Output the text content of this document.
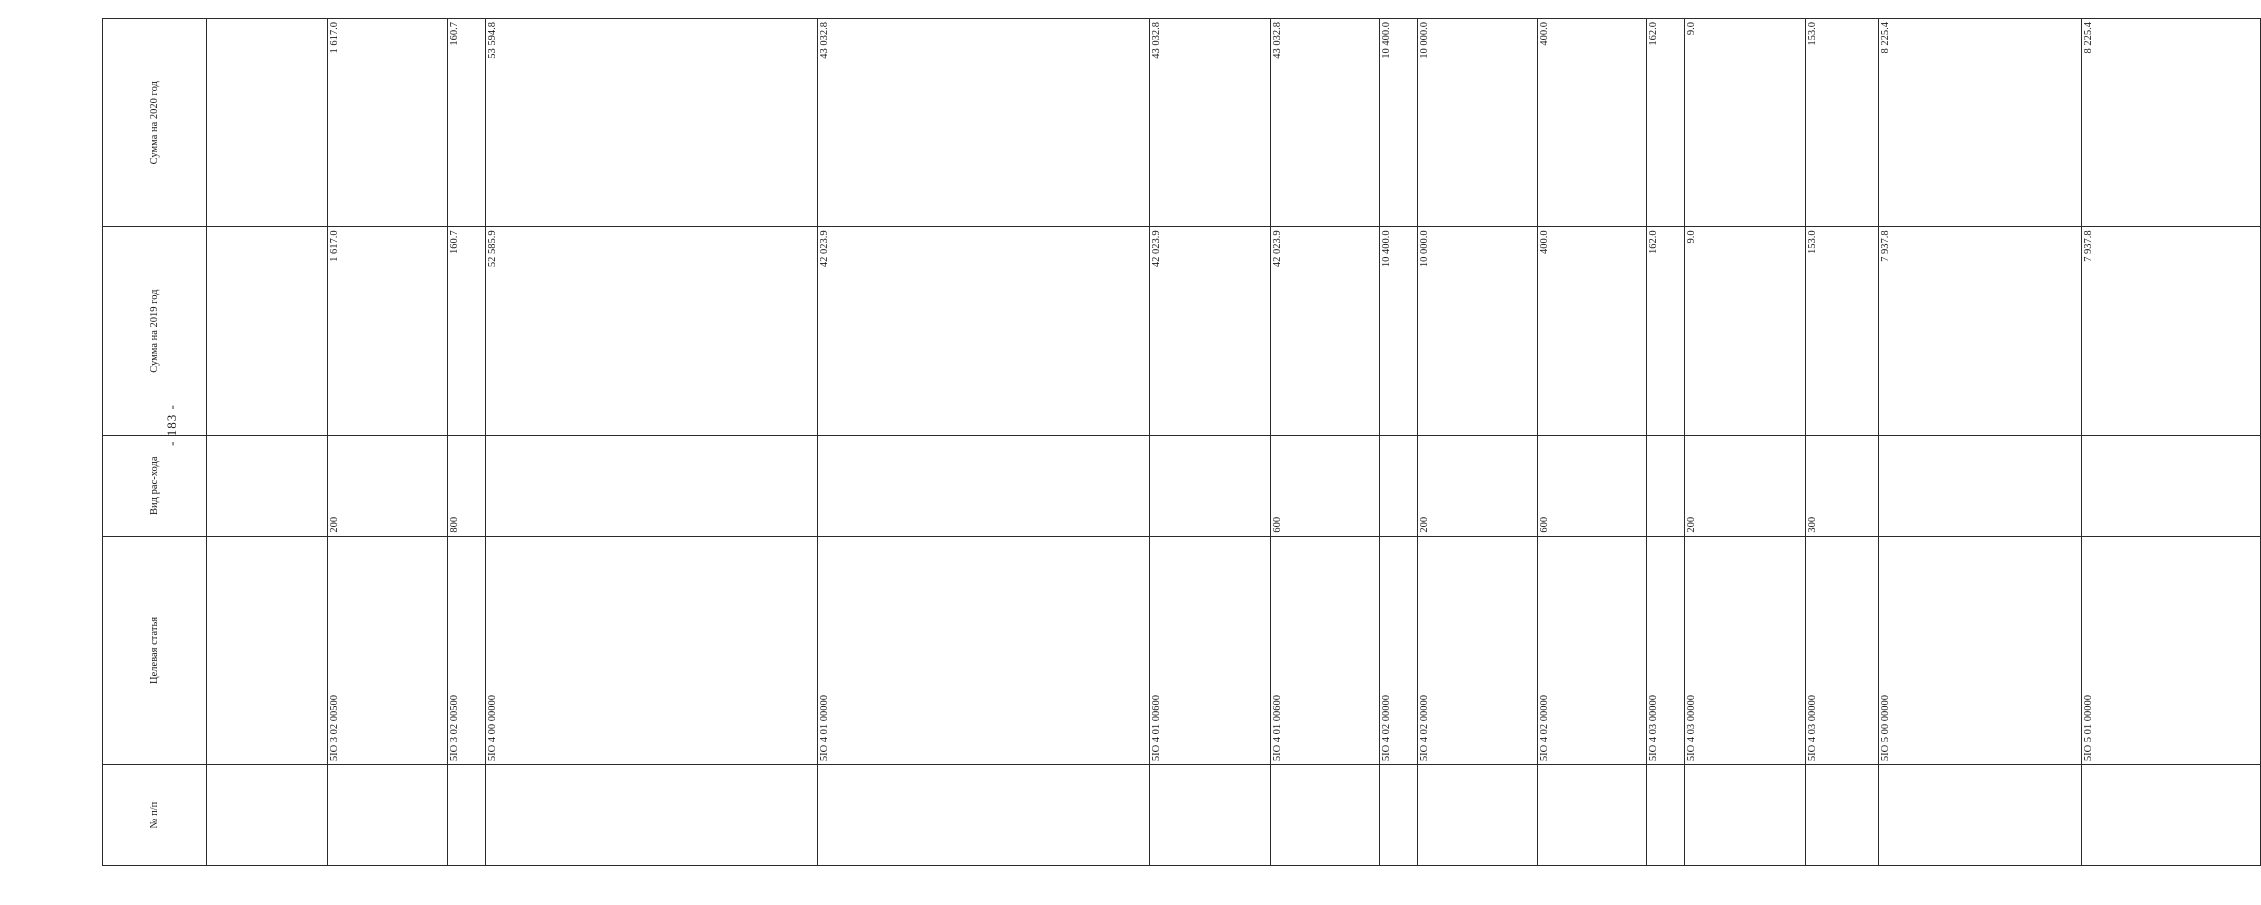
- 183 -
№ п/п		Целевая статья	Вид рас-хода	Сумма на 2019 год	Сумма на 2020 год

		5IO 3 02 00500	200	1 617.0	1 617.0
		5IO 3 02 00500	800	160.7	160.7
		5IO 4 00 00000		52 585.9	53 594.8
		5IO 4 01 00000		42 023.9	43 032.8
		5IO 4 01 00600		42 023.9	43 032.8
		5IO 4 01 00600	600	42 023.9	43 032.8
		5IO 4 02 00000		10 400.0	10 400.0
		5IO 4 02 00000	200	10 000.0	10 000.0
		5IO 4 02 00000	600	400.0	400.0
		5IO 4 03 00000		162.0	162.0
		5IO 4 03 00000	200	9.0	9.0
		5IO 4 03 00000	300	153.0	153.0
		5IO 5 00 00000		7 937.8	8 225.4
		5IO 5 01 00000		7 937.8	8 225.4
